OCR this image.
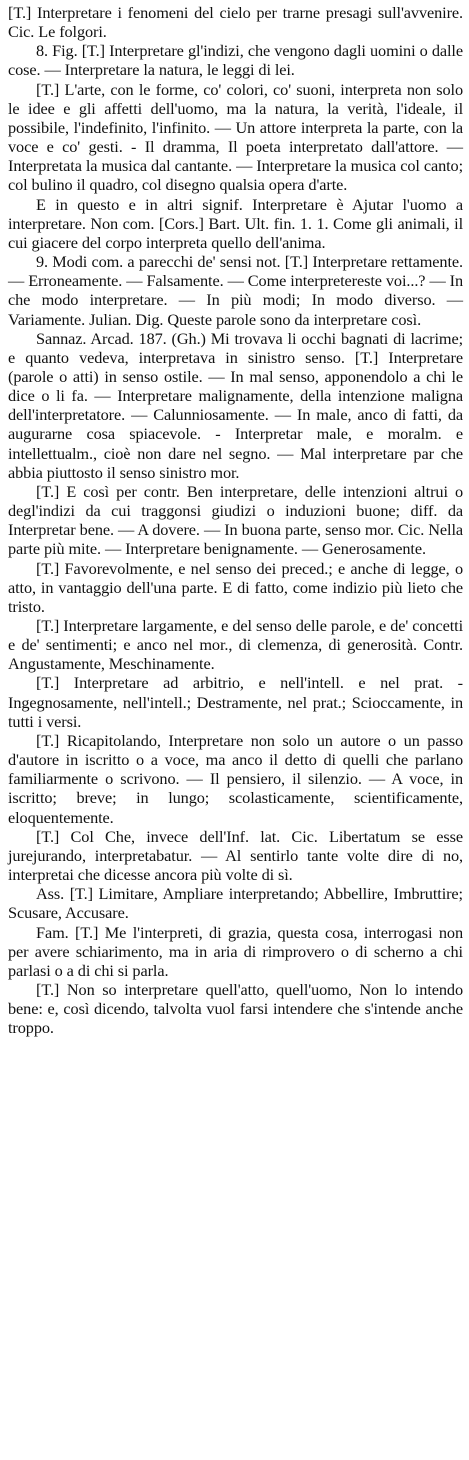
[T.] Interpretare i fenomeni del cielo per trarne presagi sull'avvenire. Cic. Le folgori.

8. Fig. [T.] Interpretare gl'indizi, che vengono dagli uomini o dalle cose. — Interpretare la natura, le leggi di lei.

[T.] L'arte, con le forme, co' colori, co' suoni, interpreta non solo le idee e gli affetti dell'uomo, ma la natura, la verità, l'ideale, il possibile, l'indefinito, l'infinito. — Un attore interpreta la parte, con la voce e co' gesti. - Il dramma, Il poeta interpretato dall'attore. — Interpretata la musica dal cantante. — Interpretare la musica col canto; col bulino il quadro, col disegno qualsia opera d'arte.

E in questo e in altri signif. Interpretare è Ajutar l'uomo a interpretare. Non com. [Cors.] Bart. Ult. fin. 1. 1. Come gli animali, il cui giacere del corpo interpreta quello dell'anima.

9. Modi com. a parecchi de' sensi not. [T.] Interpretare rettamente. — Erroneamente. — Falsamente. — Come interpretereste voi...? — In che modo interpretare. — In più modi; In modo diverso. — Variamente. Julian. Dig. Queste parole sono da interpretare così.

Sannaz. Arcad. 187. (Gh.) Mi trovava li occhi bagnati di lacrime; e quanto vedeva, interpretava in sinistro senso. [T.] Interpretare (parole o atti) in senso ostile. — In mal senso, apponendolo a chi le dice o li fa. — Interpretare malignamente, della intenzione maligna dell'interpretatore. — Calunniosamente. — In male, anco di fatti, da augurarne cosa spiacevole. - Interpretar male, e moralm. e intellettualm., cioè non dare nel segno. — Mal interpretare par che abbia piuttosto il senso sinistro mor.

[T.] E così per contr. Ben interpretare, delle intenzioni altrui o degl'indizi da cui traggonsi giudizi o induzioni buone; diff. da Interpretar bene. — A dovere. — In buona parte, senso mor. Cic. Nella parte più mite. — Interpretare benignamente. — Generosamente.

[T.] Favorevolmente, e nel senso dei preced.; e anche di legge, o atto, in vantaggio dell'una parte. E di fatto, come indizio più lieto che tristo.

[T.] Interpretare largamente, e del senso delle parole, e de' concetti e de' sentimenti; e anco nel mor., di clemenza, di generosità. Contr. Angustamente, Meschinamente.

[T.] Interpretare ad arbitrio, e nell'intell. e nel prat. - Ingegnosamente, nell'intell.; Destramente, nel prat.; Scioccamente, in tutti i versi.

[T.] Ricapitolando, Interpretare non solo un autore o un passo d'autore in iscritto o a voce, ma anco il detto di quelli che parlano familiarmente o scrivono. — Il pensiero, il silenzio. — A voce, in iscritto; breve; in lungo; scolasticamente, scientificamente, eloquentemente.

[T.] Col Che, invece dell'Inf. lat. Cic. Libertatum se esse jurejurando, interpretabatur. — Al sentirlo tante volte dire di no, interpretai che dicesse ancora più volte di sì.

Ass. [T.] Limitare, Ampliare interpretando; Abbellire, Imbruttire; Scusare, Accusare.

Fam. [T.] Me l'interpreti, di grazia, questa cosa, interrogasi non per avere schiarimento, ma in aria di rimprovero o di scherno a chi parlasi o a di chi si parla.

[T.] Non so interpretare quell'atto, quell'uomo, Non lo intendo bene: e, così dicendo, talvolta vuol farsi intendere che s'intende anche troppo.
